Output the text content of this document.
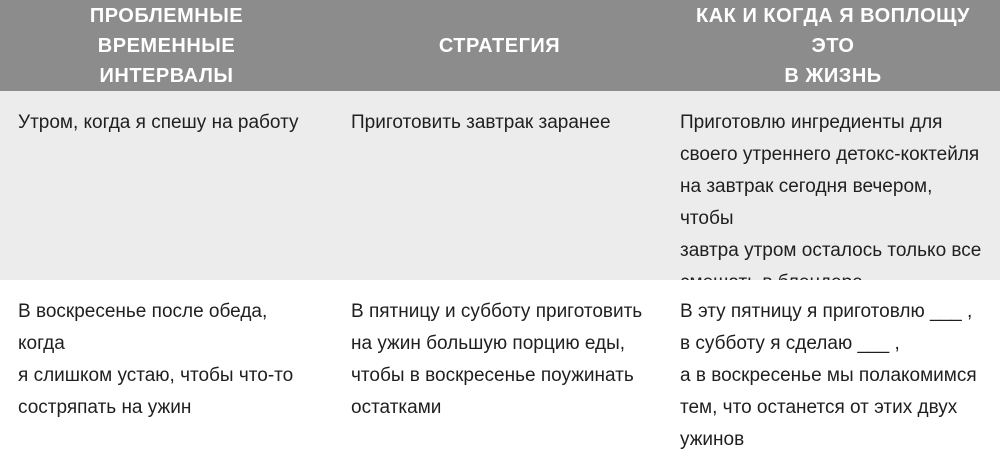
ПРОБЛЕМНЫЕ ВРЕМЕННЫЕ
ИНТЕРВАЛЫ
СТРАТЕГИЯ
КАК И КОГДА Я ВОПЛОЩУ ЭТО
В ЖИЗНЬ
Утром, когда я спешу на работу	Приготовить завтрак заранее	Приготовлю ингредиенты для
своего утреннего детокс-коктейля
на завтрак сегодня вечером, чтобы
завтра утром осталось только все

В воскресенье после обеда, когда
я слишком устаю, чтобы что-то
состряпать на ужин
В пятницу и субботу приготовить
на ужин большую порцию еды,
чтобы в воскресенье поужинать
остатками
В эту пятницу я приготовлю ___ ,
в субботу я сделаю ___ ,
а в воскресенье мы полакомимся
тем, что останется от этих двух
ужинов
